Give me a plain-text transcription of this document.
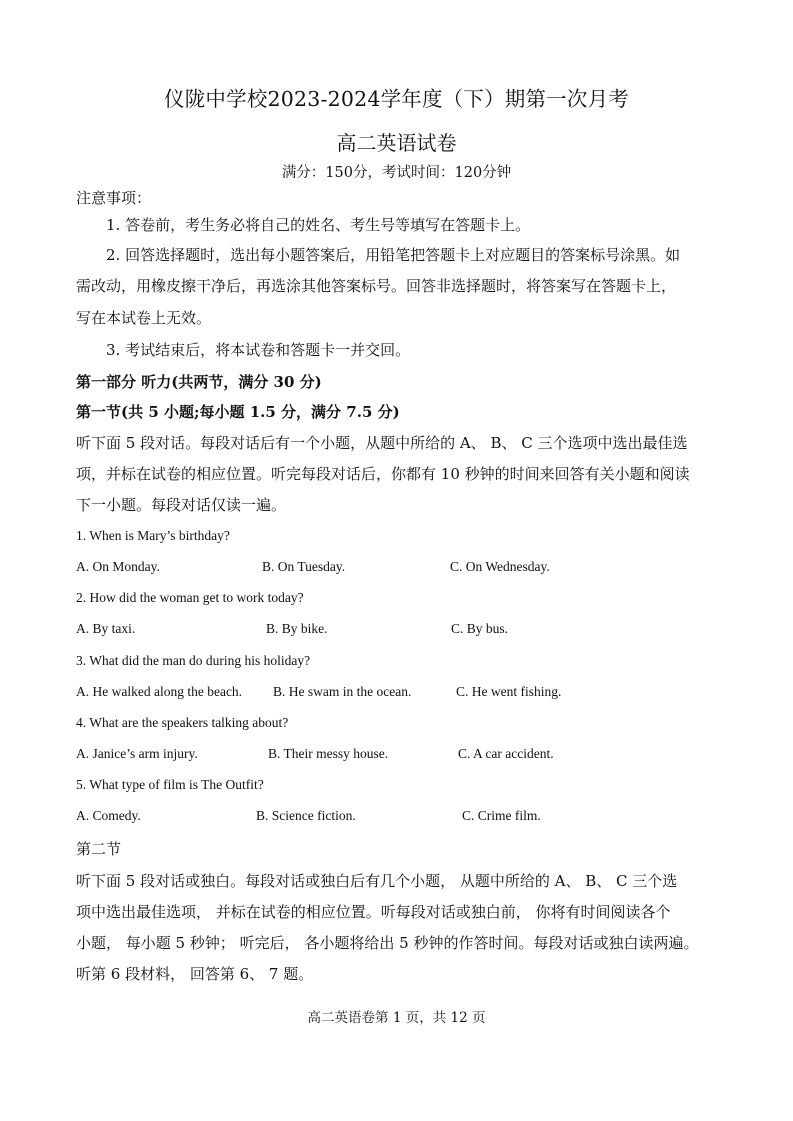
仪陇中学校2023-2024学年度（下）期第一次月考
高二英语试卷
满分：150分，考试时间：120分钟
注意事项：
1. 答卷前，考生务必将自己的姓名、考生号等填写在答题卡上。
2. 回答选择题时，选出每小题答案后，用铅笔把答题卡上对应题目的答案标号涂黑。如
需改动，用橡皮擦干净后，再选涂其他答案标号。回答非选择题时，将答案写在答题卡上，
写在本试卷上无效。
3. 考试结束后，将本试卷和答题卡一并交回。
第一部分 听力(共两节，满分 30 分)
第一节(共 5 小题;每小题 1.5 分，满分 7.5 分)
听下面 5 段对话。每段对话后有一个小题，从题中所给的 A、 B、 C 三个选项中选出最佳选
项，并标在试卷的相应位置。听完每段对话后，你都有 10 秒钟的时间来回答有关小题和阅读
下一小题。每段对话仅读一遍。
1. When is Mary’s birthday?
A. On Monday.	B. On Tuesday.	C. On Wednesday.
2. How did the woman get to work today?
A. By taxi.	B. By bike.	C. By bus.
3. What did the man do during his holiday?
A. He walked along the beach. B. He swam in the ocean.	C. He went fishing.
4. What are the speakers talking about?
A. Janice’s arm injury.	B. Their messy house.	C. A car accident.
5. What type of film is The Outfit?
A. Comedy.	B. Science fiction.	C. Crime film.
第二节
听下面 5 段对话或独白。每段对话或独白后有几个小题， 从题中所给的 A、 B、 C 三个选
项中选出最佳选项， 并标在试卷的相应位置。听每段对话或独白前， 你将有时间阅读各个
小题， 每小题 5 秒钟； 听完后， 各小题将给出 5 秒钟的作答时间。每段对话或独白读两遍。
听第 6 段材料， 回答第 6、 7 题。
高二英语卷第 1 页，共 12 页
